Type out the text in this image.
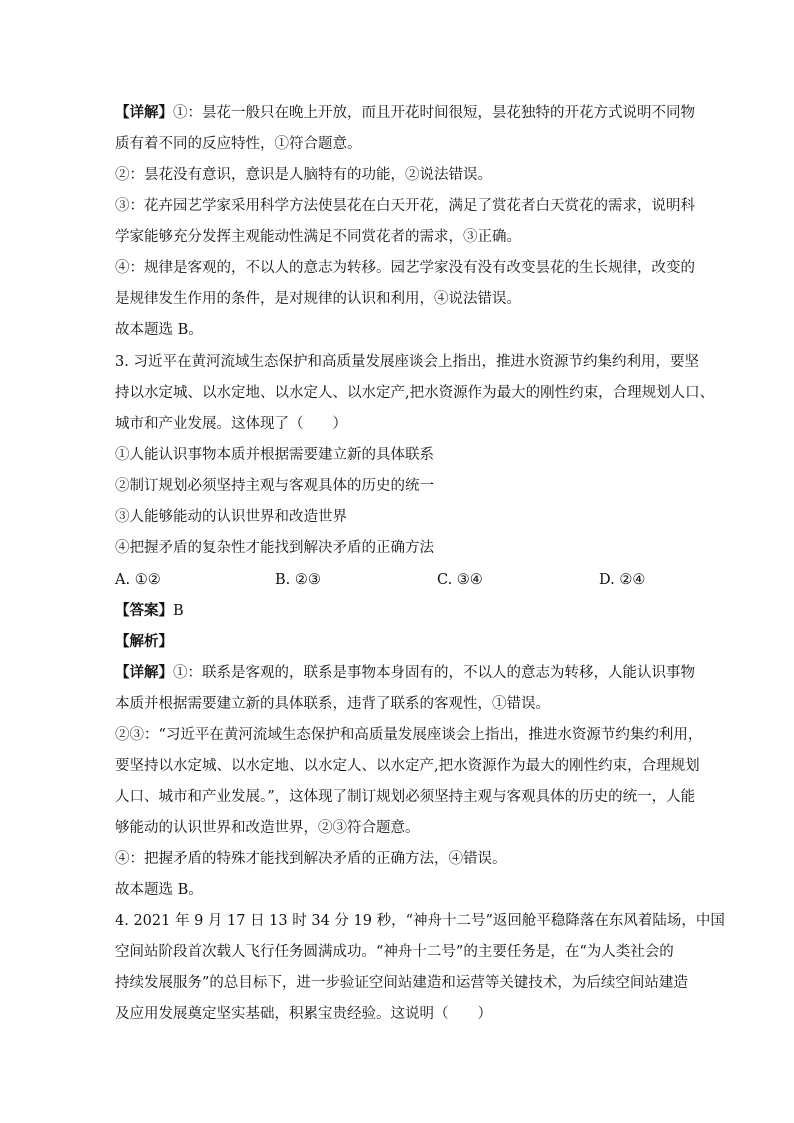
【详解】①：昙花一般只在晚上开放，而且开花时间很短，昙花独特的开花方式说明不同物
质有着不同的反应特性，①符合题意。
②：昙花没有意识，意识是人脑特有的功能，②说法错误。
③：花卉园艺学家采用科学方法使昙花在白天开花，满足了赏花者白天赏花的需求，说明科
学家能够充分发挥主观能动性满足不同赏花者的需求，③正确。
④：规律是客观的，不以人的意志为转移。园艺学家没有没有改变昙花的生长规律，改变的
是规律发生作用的条件，是对规律的认识和利用，④说法错误。
故本题选 B。
3. 习近平在黄河流域生态保护和高质量发展座谈会上指出，推进水资源节约集约利用，要坚
持以水定城、以水定地、以水定人、以水定产,把水资源作为最大的刚性约束，合理规划人口、
城市和产业发展。这体现了（　　）
①人能认识事物本质并根据需要建立新的具体联系
②制订规划必须坚持主观与客观具体的历史的统一
③人能够能动的认识世界和改造世界
④把握矛盾的复杂性才能找到解决矛盾的正确方法
A. ①②	B. ②③	C. ③④	D. ②④
【答案】B
【解析】
【详解】①：联系是客观的，联系是事物本身固有的，不以人的意志为转移，人能认识事物
本质并根据需要建立新的具体联系，违背了联系的客观性，①错误。
②③：“习近平在黄河流域生态保护和高质量发展座谈会上指出，推进水资源节约集约利用，
要坚持以水定城、以水定地、以水定人、以水定产,把水资源作为最大的刚性约束，合理规划
人口、城市和产业发展。”，这体现了制订规划必须坚持主观与客观具体的历史的统一，人能
够能动的认识世界和改造世界，②③符合题意。
④：把握矛盾的特殊才能找到解决矛盾的正确方法，④错误。
故本题选 B。
4. 2021 年 9 月 17 日 13 时 34 分 19 秒，“神舟十二号”返回舱平稳降落在东风着陆场，中国
空间站阶段首次载人飞行任务圆满成功。“神舟十二号”的主要任务是，在“为人类社会的
持续发展服务”的总目标下，进一步验证空间站建造和运营等关键技术，为后续空间站建造
及应用发展奠定坚实基础，积累宝贵经验。这说明（　　）
